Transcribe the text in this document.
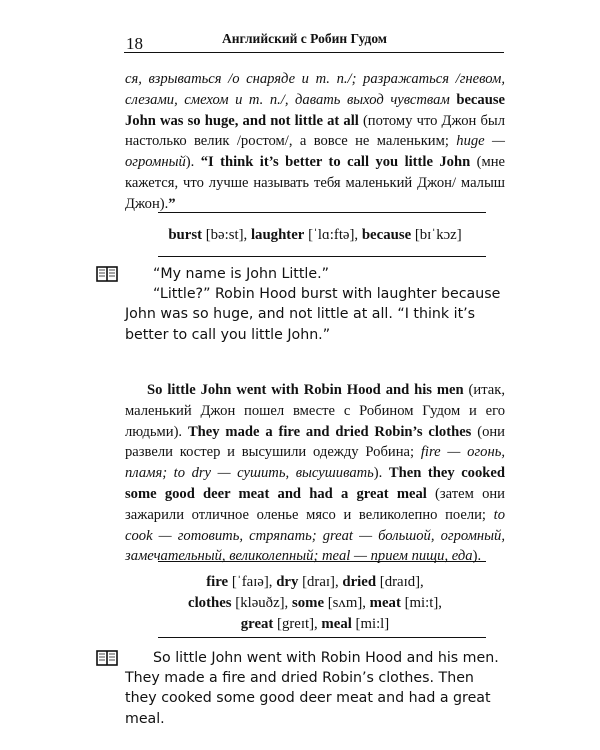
18	Английский с Робин Гудом
ся, взрываться /о снаряде и т. п./; разражаться /гневом, слезами, смехом и т. п./, давать выход чувствам because John was so huge, and not little at all (потому что Джон был настолько велик /ростом/, а вовсе не маленьким; huge — огромный). “I think it’s better to call you little John (мне кажется, что лучше называть тебя маленький Джон/ малыш Джон).”
burst [bə:st], laughter [ˈlɑ:ftə], because [bɪˈkɔz]
“My name is John Little.”
“Little?” Robin Hood burst with laughter because John was so huge, and not little at all. “I think it’s better to call you little John.”
So little John went with Robin Hood and his men (итак, маленький Джон пошел вместе с Робином Гудом и его людьми). They made a fire and dried Robin’s clothes (они развели костер и высушили одежду Робина; fire — огонь, пламя; to dry — сушить, высушивать). Then they cooked some good deer meat and had a great meal (затем они зажарили отличное оленье мясо и великолепно поели; to cook — готовить, стряпать; great — большой, огромный, замечательный, великолепный; meal — прием пищи, еда).
fire [ˈfaɪə], dry [draɪ], dried [draɪd],
clothes [kləuðz], some [sʌm], meat [mi:t],
great [greɪt], meal [mi:l]
So little John went with Robin Hood and his men. They made a fire and dried Robin’s clothes. Then they cooked some good deer meat and had a great meal.
